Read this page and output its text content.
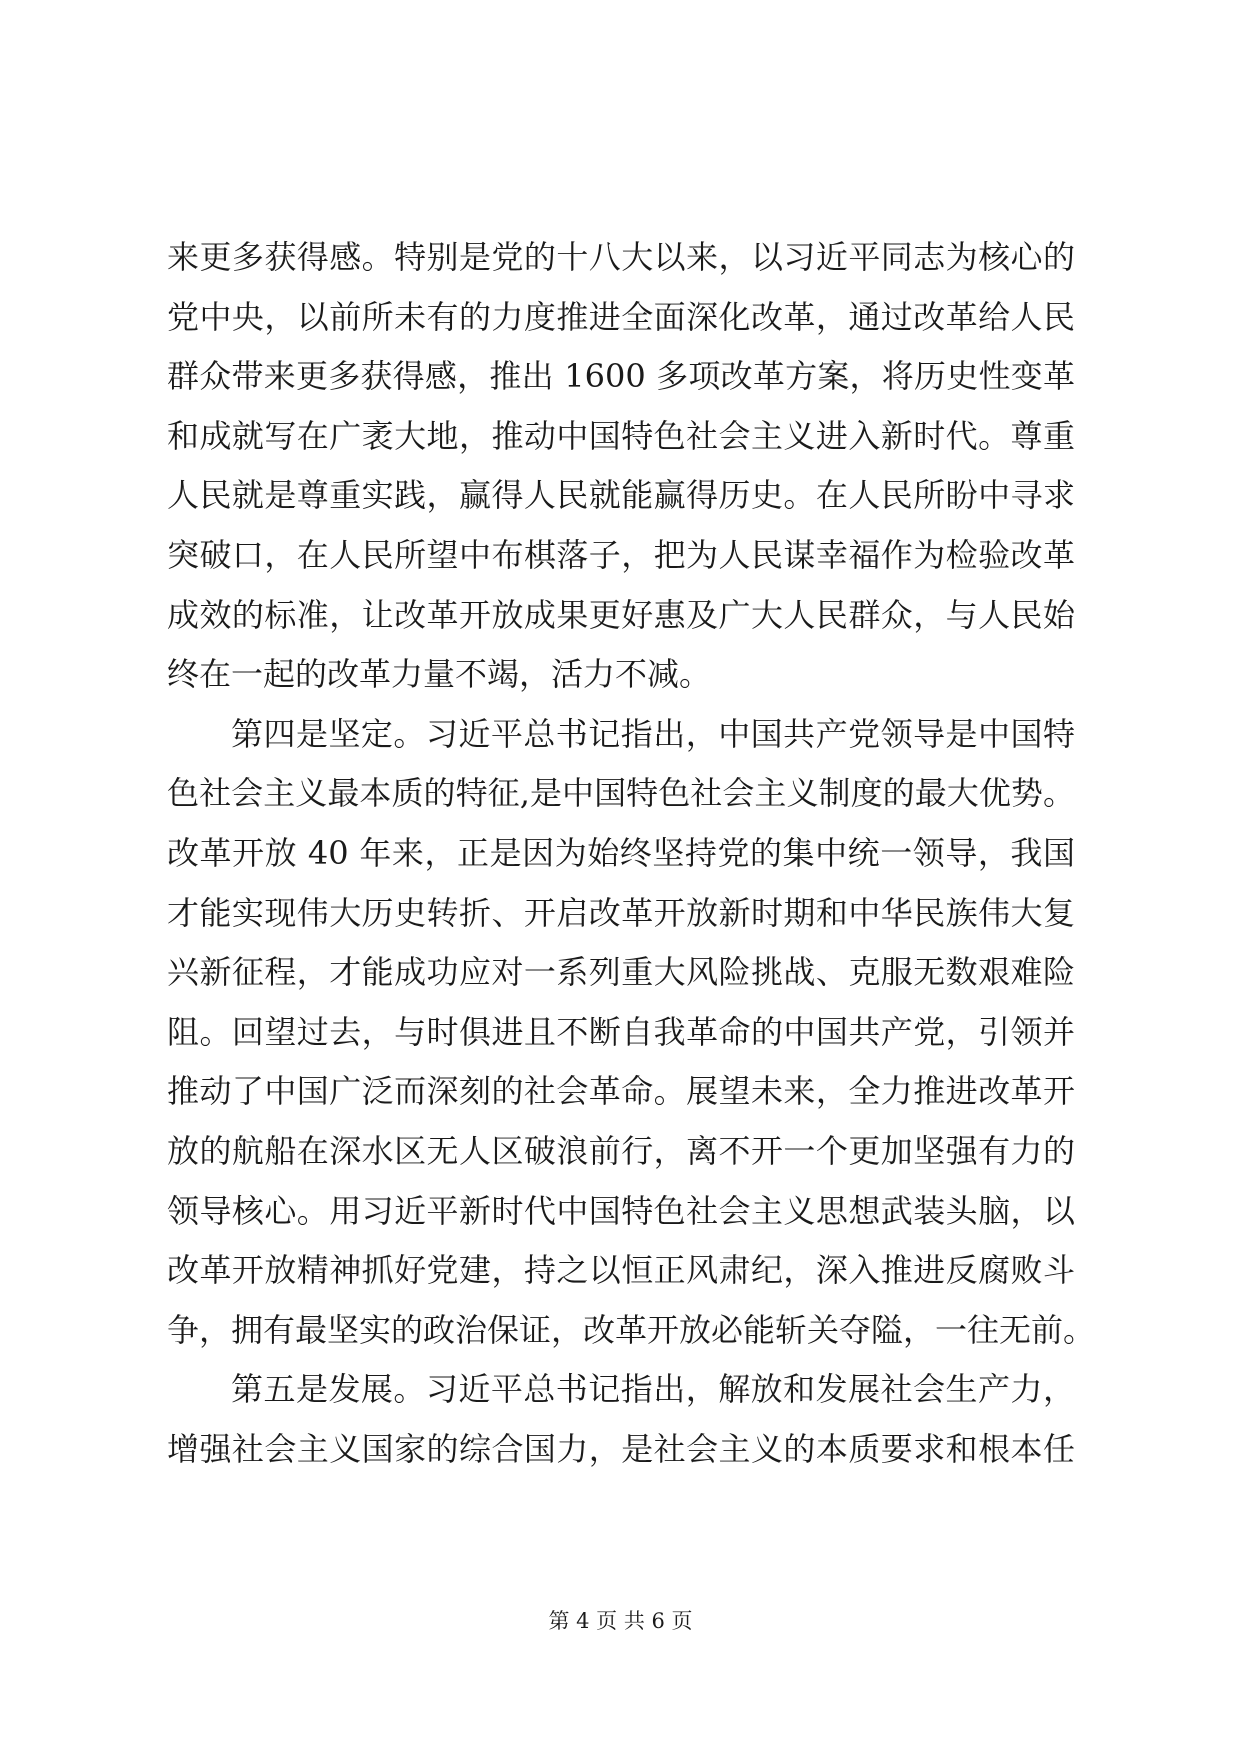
来更多获得感。特别是党的十八大以来，以习近平同志为核心的
党中央，以前所未有的力度推进全面深化改革，通过改革给人民
群众带来更多获得感，推出 1600 多项改革方案，将历史性变革
和成就写在广袤大地，推动中国特色社会主义进入新时代。尊重
人民就是尊重实践，赢得人民就能赢得历史。在人民所盼中寻求
突破口，在人民所望中布棋落子，把为人民谋幸福作为检验改革
成效的标准，让改革开放成果更好惠及广大人民群众，与人民始
终在一起的改革力量不竭，活力不减。
第四是坚定。习近平总书记指出，中国共产党领导是中国特
色社会主义最本质的特征,是中国特色社会主义制度的最大优势。
改革开放 40 年来，正是因为始终坚持党的集中统一领导，我国
才能实现伟大历史转折、开启改革开放新时期和中华民族伟大复
兴新征程，才能成功应对一系列重大风险挑战、克服无数艰难险
阻。回望过去，与时俱进且不断自我革命的中国共产党，引领并
推动了中国广泛而深刻的社会革命。展望未来，全力推进改革开
放的航船在深水区无人区破浪前行，离不开一个更加坚强有力的
领导核心。用习近平新时代中国特色社会主义思想武装头脑，以
改革开放精神抓好党建，持之以恒正风肃纪，深入推进反腐败斗
争，拥有最坚实的政治保证，改革开放必能斩关夺隘，一往无前。
第五是发展。习近平总书记指出，解放和发展社会生产力，
增强社会主义国家的综合国力，是社会主义的本质要求和根本任
第 4 页 共 6 页
